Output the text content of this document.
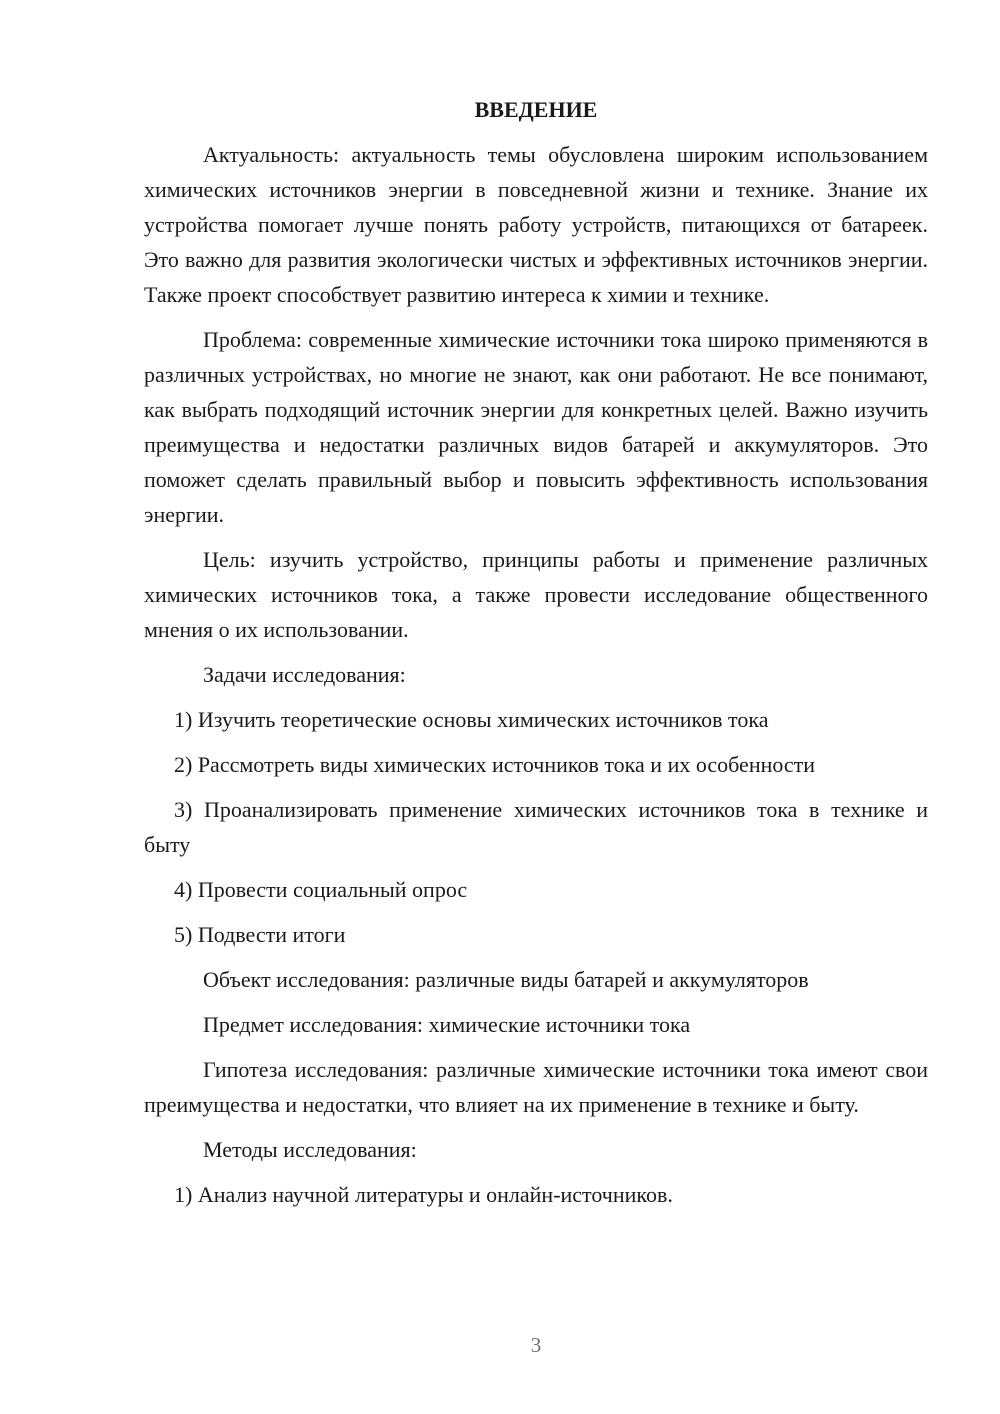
ВВЕДЕНИЕ

Актуальность: актуальность темы обусловлена широким использованием химических источников энергии в повседневной жизни и технике. Знание их устройства помогает лучше понять работу устройств, питающихся от батареек. Это важно для развития экологически чистых и эффективных источников энергии. Также проект способствует развитию интереса к химии и технике.

Проблема: современные химические источники тока широко применяются в различных устройствах, но многие не знают, как они работают. Не все понимают, как выбрать подходящий источник энергии для конкретных целей. Важно изучить преимущества и недостатки различных видов батарей и аккумуляторов. Это поможет сделать правильный выбор и повысить эффективность использования энергии.

Цель: изучить устройство, принципы работы и применение различных химических источников тока, а также провести исследование общественного мнения о их использовании.

Задачи исследования:

1) Изучить теоретические основы химических источников тока

2) Рассмотреть виды химических источников тока и их особенности

3) Проанализировать применение химических источников тока в технике и быту

4) Провести социальный опрос

5) Подвести итоги

Объект исследования: различные виды батарей и аккумуляторов

Предмет исследования: химические источники тока

Гипотеза исследования: различные химические источники тока имеют свои преимущества и недостатки, что влияет на их применение в технике и быту.

Методы исследования:

1) Анализ научной литературы и онлайн-источников.

3
